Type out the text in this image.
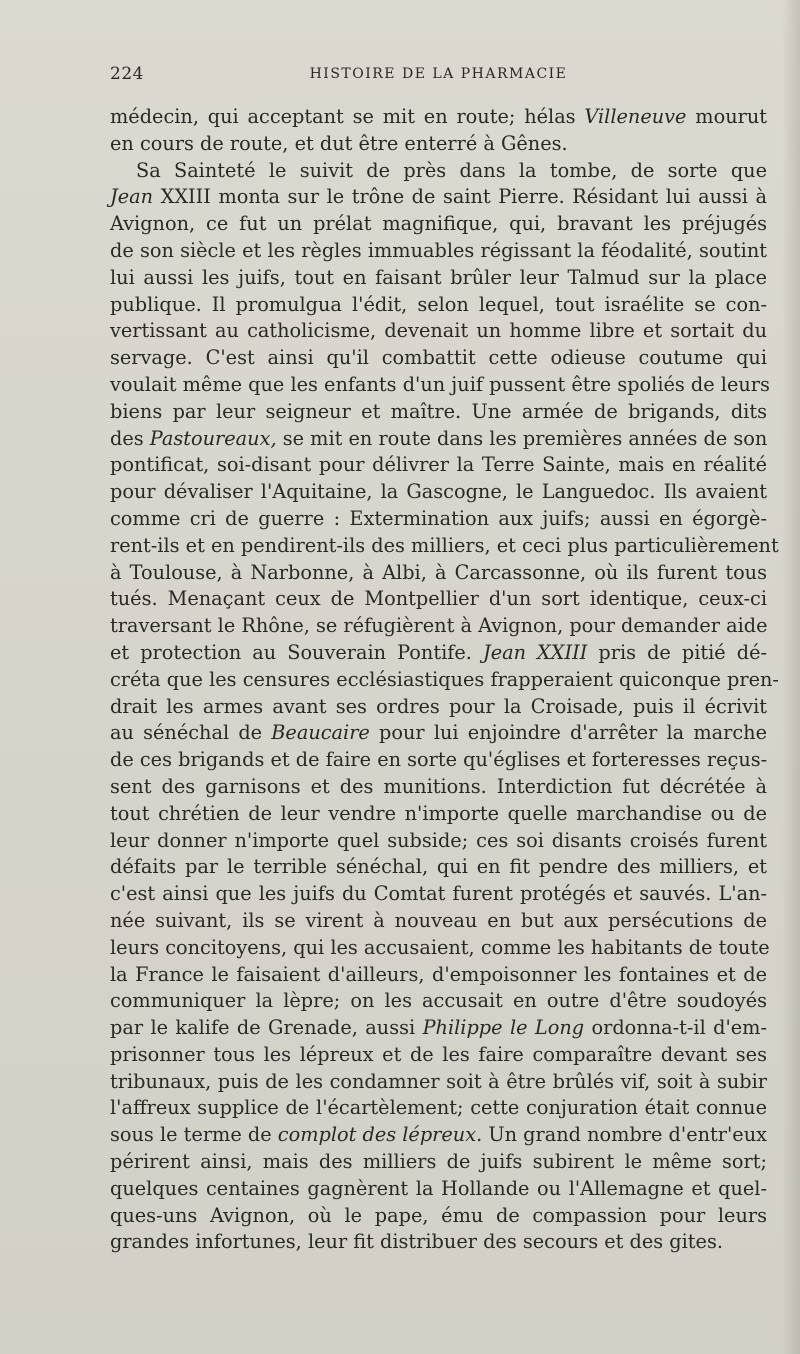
224	HISTOIRE DE LA PHARMACIE
médecin, qui acceptant se mit en route; hélas Villeneuve mourut
en cours de route, et dut être enterré à Gênes.
Sa Sainteté le suivit de près dans la tombe, de sorte que
Jean XXIII monta sur le trône de saint Pierre. Résidant lui aussi à
Avignon, ce fut un prélat magnifique, qui, bravant les préjugés
de son siècle et les règles immuables régissant la féodalité, soutint
lui aussi les juifs, tout en faisant brûler leur Talmud sur la place
publique. Il promulgua l'édit, selon lequel, tout israélite se con-
vertissant au catholicisme, devenait un homme libre et sortait du
servage. C'est ainsi qu'il combattit cette odieuse coutume qui
voulait même que les enfants d'un juif pussent être spoliés de leurs
biens par leur seigneur et maître. Une armée de brigands, dits
des Pastoureaux, se mit en route dans les premières années de son
pontificat, soi-disant pour délivrer la Terre Sainte, mais en réalité
pour dévaliser l'Aquitaine, la Gascogne, le Languedoc. Ils avaient
comme cri de guerre : Extermination aux juifs; aussi en égorgè-
rent-ils et en pendirent-ils des milliers, et ceci plus particulièrement
à Toulouse, à Narbonne, à Albi, à Carcassonne, où ils furent tous
tués. Menaçant ceux de Montpellier d'un sort identique, ceux-ci
traversant le Rhône, se réfugièrent à Avignon, pour demander aide
et protection au Souverain Pontife. Jean XXIII pris de pitié dé-
créta que les censures ecclésiastiques frapperaient quiconque pren-
drait les armes avant ses ordres pour la Croisade, puis il écrivit
au sénéchal de Beaucaire pour lui enjoindre d'arrêter la marche
de ces brigands et de faire en sorte qu'églises et forteresses reçus-
sent des garnisons et des munitions. Interdiction fut décrétée à
tout chrétien de leur vendre n'importe quelle marchandise ou de
leur donner n'importe quel subside; ces soi disants croisés furent
défaits par le terrible sénéchal, qui en fit pendre des milliers, et
c'est ainsi que les juifs du Comtat furent protégés et sauvés. L'an-
née suivant, ils se virent à nouveau en but aux persécutions de
leurs concitoyens, qui les accusaient, comme les habitants de toute
la France le faisaient d'ailleurs, d'empoisonner les fontaines et de
communiquer la lèpre; on les accusait en outre d'être soudoyés
par le kalife de Grenade, aussi Philippe le Long ordonna-t-il d'em-
prisonner tous les lépreux et de les faire comparaître devant ses
tribunaux, puis de les condamner soit à être brûlés vif, soit à subir
l'affreux supplice de l'écartèlement; cette conjuration était connue
sous le terme de complot des lépreux. Un grand nombre d'entr'eux
périrent ainsi, mais des milliers de juifs subirent le même sort;
quelques centaines gagnèrent la Hollande ou l'Allemagne et quel-
ques-uns Avignon, où le pape, ému de compassion pour leurs
grandes infortunes, leur fit distribuer des secours et des gites.
